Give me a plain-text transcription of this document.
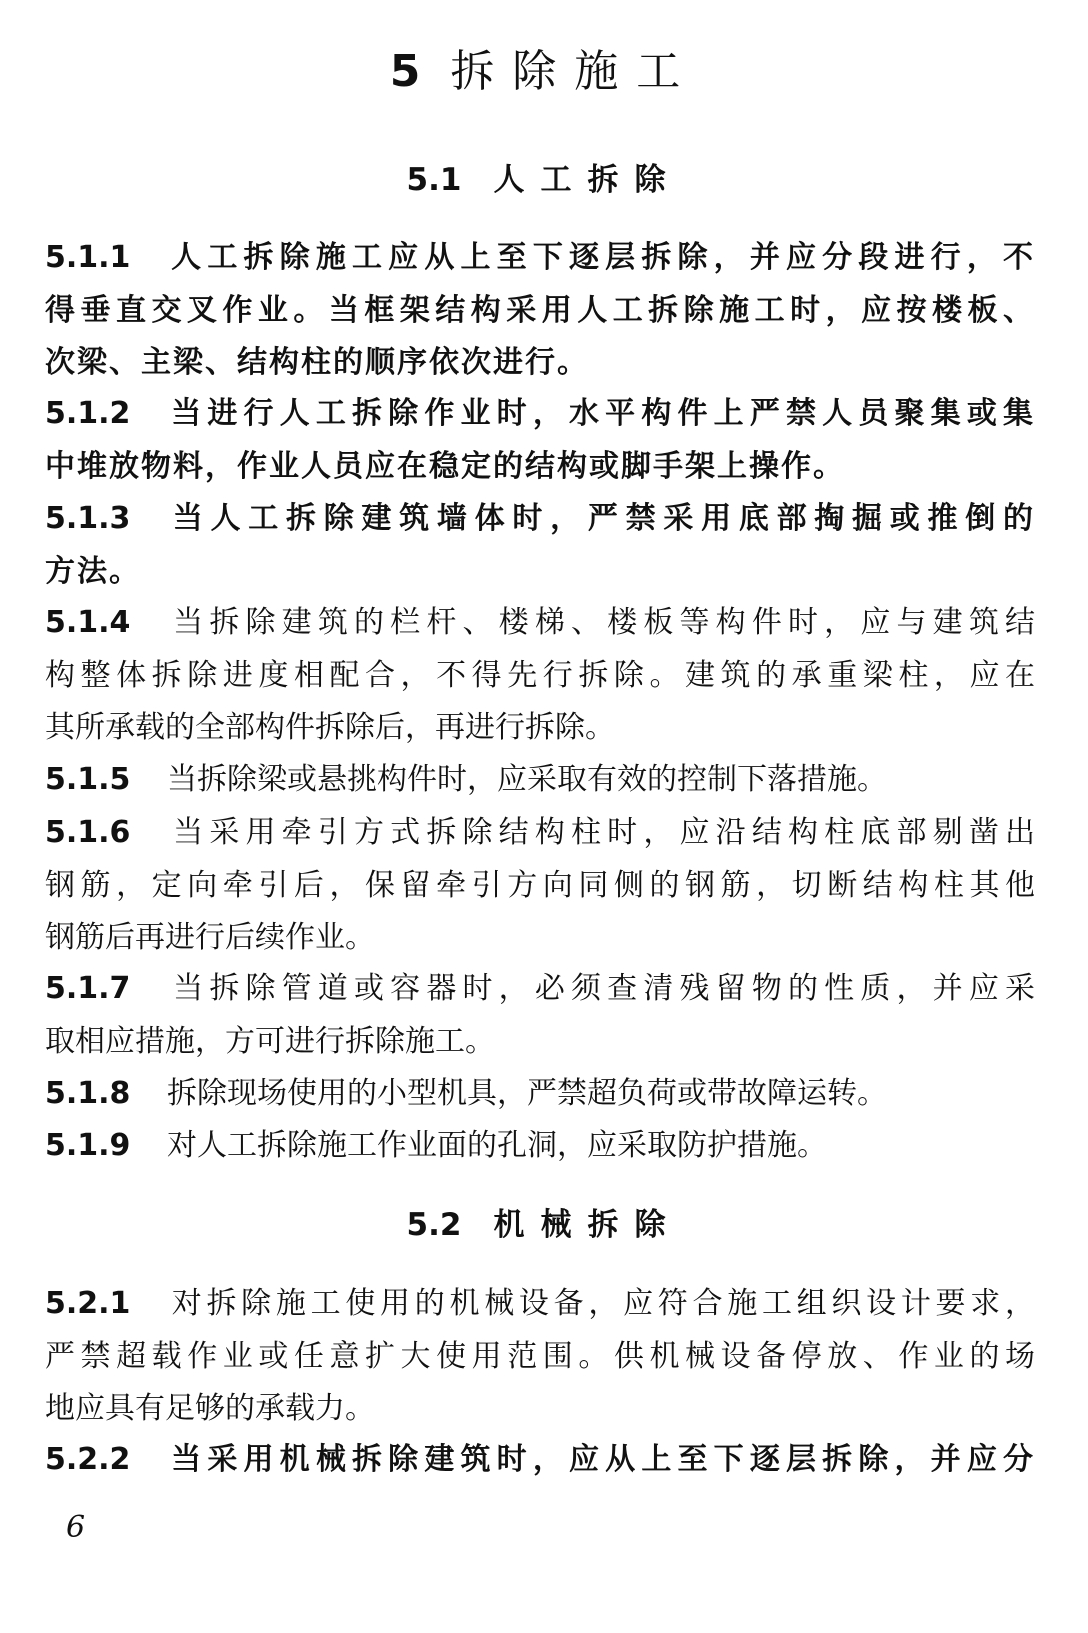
5 拆除施工
5.1 人工拆除
5.1.1 人工拆除施工应从上至下逐层拆除，并应分段进行，不
得垂直交叉作业。当框架结构采用人工拆除施工时，应按楼板、
次梁、主梁、结构柱的顺序依次进行。
5.1.2 当进行人工拆除作业时，水平构件上严禁人员聚集或集
中堆放物料，作业人员应在稳定的结构或脚手架上操作。
5.1.3 当人工拆除建筑墙体时，严禁采用底部掏掘或推倒的
方法。
5.1.4 当拆除建筑的栏杆、楼梯、楼板等构件时，应与建筑结
构整体拆除进度相配合，不得先行拆除。建筑的承重梁柱，应在
其所承载的全部构件拆除后，再进行拆除。
5.1.5 当拆除梁或悬挑构件时，应采取有效的控制下落措施。
5.1.6 当采用牵引方式拆除结构柱时，应沿结构柱底部剔凿出
钢筋，定向牵引后，保留牵引方向同侧的钢筋，切断结构柱其他
钢筋后再进行后续作业。
5.1.7 当拆除管道或容器时，必须查清残留物的性质，并应采
取相应措施，方可进行拆除施工。
5.1.8 拆除现场使用的小型机具，严禁超负荷或带故障运转。
5.1.9 对人工拆除施工作业面的孔洞，应采取防护措施。
5.2 机械拆除
5.2.1 对拆除施工使用的机械设备，应符合施工组织设计要求，
严禁超载作业或任意扩大使用范围。供机械设备停放、作业的场
地应具有足够的承载力。
5.2.2 当采用机械拆除建筑时，应从上至下逐层拆除，并应分
6
